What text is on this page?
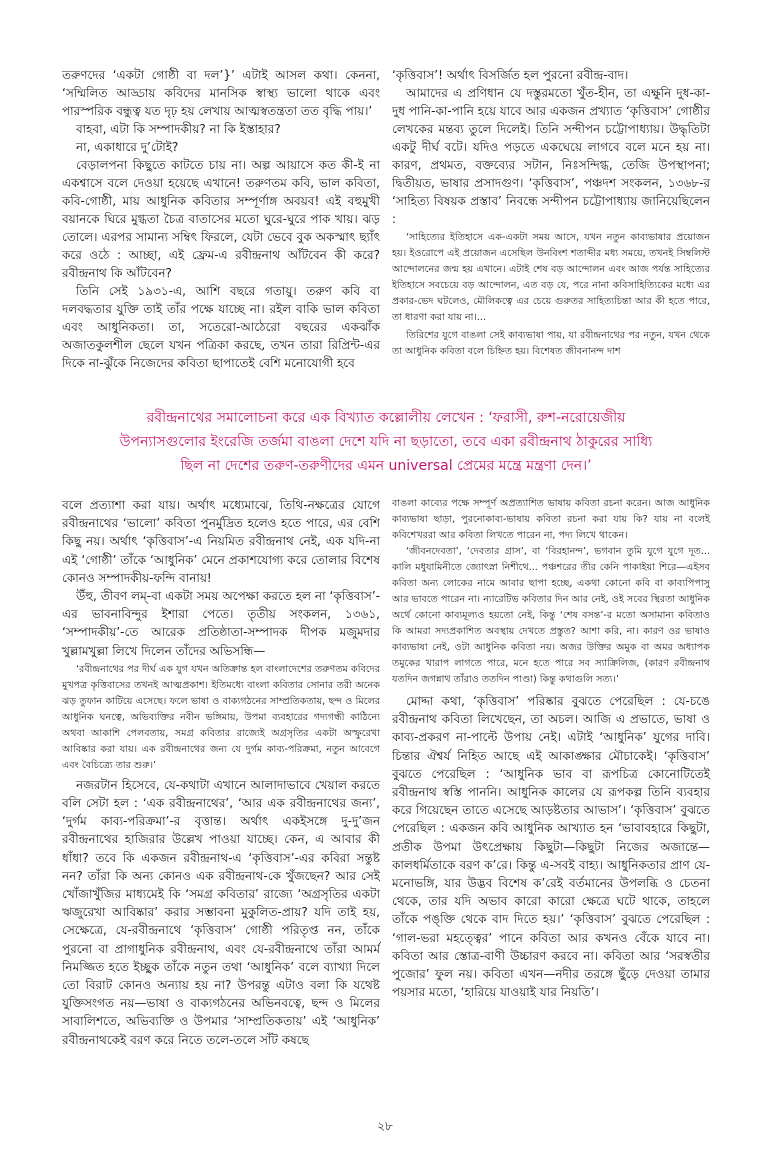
তরুণদের ‘একটা গোষ্ঠী বা দল’}’ এটাই আসল কথা। কেননা, ‘সম্মিলিত আড্ডায় কবিদের মানসিক স্বাস্থ্য ভালো থাকে এবং পারস্পরিক বন্ধুত্ব যত দৃঢ় হয় লেখায় আত্মস্বতন্ত্রতা তত বৃদ্ধি পায়।’

বাহবা, এটা কি সম্পাদকীয়? না কি ইস্তাহার?

না, একাধারে দু’টোই?

বেড়ালপনা কিছুতে কাটতে চায় না। অল্প আয়াসে কত কী-ই না একশ্বাসে বলে দেওয়া হয়েছে এখানে! তরুণতম কবি, ভাল কবিতা, কবি-গোষ্ঠী, মায় আধুনিক কবিতার সম্পূর্ণাঙ্গ অবয়ব! এই বহুমুখী বয়ানকে ঘিরে মুগ্ধতা চৈত্র বাতাসের মতো ঘুরে-ঘুরে পাক খায়। ঝড় তোলে। এরপর সামান্য সম্বিৎ ফিরলে, যেটা ভেবে বুক অকস্মাৎ ছ্যাঁৎ করে ওঠে : আচ্ছা, এই ফ্রেম-এ রবীন্দ্রনাথ আঁটবেন কী করে? রবীন্দ্রনাথ কি আঁটবেন?

তিনি সেই ১৯৩১-এ, আশি বছরে গতায়ু। তরুণ কবি বা দলবদ্ধতার যুক্তি তাই তাঁর পক্ষে যাচ্ছে না। রইল বাকি ভাল কবিতা এবং আধুনিকতা। তা, সতেরো-আঠেরো বছরের একঝাঁক অজাতকুলশীল ছেলে যখন পত্রিকা করছে, তখন তারা রিপ্রিন্ট-এর দিকে না-ঝুঁকে নিজেদের কবিতা ছাপাতেই বেশি মনোযোগী হবে

‘কৃত্তিবাস’! অর্থাৎ বিসর্জিত হল পুরনো রবীন্দ্র-বাদ।

আমাদের এ প্রণিধান যে দস্তুরমতো খুঁত-হীন, তা এক্ষুনি দুধ-কা-দুধ পানি-কা-পানি হয়ে যাবে আর একজন প্রখ্যাত ‘কৃত্তিবাস’ গোষ্ঠীর লেখকের মন্তব্য তুলে দিলেই। তিনি সন্দীপন চট্টোপাধ্যায়। উদ্ধৃতিটা একটু দীর্ঘ বটে। যদিও পড়তে একঘেয়ে লাগবে বলে মনে হয় না। কারণ, প্রথমত, বক্তব্যের সটান, নিঃসন্দিগ্ধ, তেজি উপস্থাপনা; দ্বিতীয়ত, ভাষার প্রসাদগুণ। ‘কৃত্তিবাস’, পঞ্চদশ সংকলন, ১৩৬৮-র ‘সাহিত্য বিষয়ক প্রস্তাব’ নিবন্ধে সন্দীপন চট্টোপাধ্যায় জানিয়েছিলেন :

‘সাহিত্যের ইতিহাসে এক-একটা সময় আসে, যখন নতুন কাব্যভাষার প্রয়োজন হয়। ইওরোপে এই প্রয়োজন এসেছিল উনবিংশ শতাব্দীর মধ্য সময়ে, তখনই সিম্বলিস্ট আন্দোলনের জন্ম হয় এখানে। এটাই শেষ বড় আন্দোলন এবং আজ পর্যন্ত সাহিত্যের ইতিহাসে সবচেয়ে বড় আন্দোলন, এত বড় যে, পরে নানা কবিসাহিত্যিকের মধ্যে এর প্রকার-ভেদ ঘটলেও, মৌলিকত্বে এর চেয়ে গুরুতর সাহিত্যচিন্তা আর কী হতে পারে, তা ধারণা করা যায় না।...

তিরিশের যুগে বাঙলা সেই কাব্যভাষা পায়, যা রবীন্দ্রনাথের পর নতুন, যখন থেকে তা আধুনিক কবিতা বলে চিহ্নিত হয়। বিশেষত জীবনানন্দ দাশ

রবীন্দ্রনাথের সমালোচনা করে এক বিখ্যাত কল্লোলীয় লেখেন : ‘ফরাসী, রুশ-নরোয়েজীয়

উপন্যাসগুলোর ইংরেজি তর্জমা বাঙলা দেশে যদি না ছড়াতো, তবে একা রবীন্দ্রনাথ ঠাকুরের সাধ্যি

ছিল না দেশের তরুণ-তরুণীদের এমন universal প্রেমের মন্ত্রে মন্ত্রণা দেন।’

বলে প্রত্যাশা করা যায়। অর্থাৎ মধ্যেমাঝে, তিথি-নক্ষত্রের যোগে রবীন্দ্রনাথের ‘ভালো’ কবিতা পুনর্মুদ্রিত হলেও হতে পারে, এর বেশি কিছু নয়। অর্থাৎ ‘কৃত্তিবাস’-এ নিয়মিত রবীন্দ্রনাথ নেই, এক যদি-না এই ‘গোষ্ঠী’ তাঁকে ‘আধুনিক’ মেনে প্রকাশযোগ্য করে তোলার বিশেষ কোনও সম্পাদকীয়-ফন্দি বানায়!

উঁহু, তীবণ লম্-বা একটা সময় অপেক্ষা করতে হল না ‘কৃত্তিবাস’-এর ভাবনাবিন্দুর ইশারা পেতে। তৃতীয় সংকলন, ১৩৬১, ‘সম্পাদকীয়’-তে আরেক প্রতিষ্ঠাতা-সম্পাদক দীপক মজুমদার খুল্লামখুল্লা লিখে দিলেন তাঁদের অভিসন্ধি—

‘রবীন্দ্রনাথের পর দীর্ঘ এক যুগ যখন অতিক্রান্ত হল বাংলাদেশের তরুণতম কবিদের মুখপত্র কৃত্তিবাসের তখনই আত্মপ্রকাশ। ইতিমধ্যে বাংলা কবিতার সোনার তরী অনেক ঝড় তুফান কাটিয়ে এসেছে। ফলে ভাষা ও বাক্যগঠনের সাম্প্রতিকতায়, ছন্দ ও মিলের আধুনিক ঘনত্বে, অভিব্যক্তির নবীন ভঙ্গিমায়, উপমা ব্যবহারের গদ্যগন্ধী কাঠিন্যে অথবা আকাশি পেলবতায়, সমগ্র কবিতার রাজ্যেই অগ্রসৃতির একটা অস্ফুরেখা আবিষ্কার করা যায়। এক রবীন্দ্রনাথের জন্য যে দুর্গম কাব্য-পরিক্রমা, নতুন আবেগে এবং বৈচিত্র্যে তার শুরু।’

নজরটান হিসেবে, যে-কথাটা এখানে আলাদাভাবে খেয়াল করতে বলি সেটা হল : ‘এক রবীন্দ্রনাথের’, ‘আর এক রবীন্দ্রনাথের জন্য’, ‘দুর্গম কাব্য-পরিক্রমা’-র বৃত্তান্ত। অর্থাৎ একইসঙ্গে দু-দু’জন রবীন্দ্রনাথের হাজিরার উল্লেখ পাওয়া যাচ্ছে। কেন, এ আবার কী ধাঁধা? তবে কি একজন রবীন্দ্রনাথ-এ ‘কৃত্তিবাস’-এর কবিরা সন্তুষ্ট নন? তাঁরা কি অন্য কোনও এক রবীন্দ্রনাথ-কে খুঁজছেন? আর সেই খোঁজাখুঁজির মাধ্যমেই কি ‘সমগ্র কবিতার’ রাজ্যে ‘অগ্রসৃতির একটা ঋজুরেখা আবিষ্কার’ করার সম্ভাবনা মুকুলিত-প্রায়? যদি তাই হয়, সেক্ষেত্রে, যে-রবীন্দ্রনাথে ‘কৃত্তিবাস’ গোষ্ঠী পরিতৃপ্ত নন, তাঁকে পুরনো বা প্রাগাধুনিক রবীন্দ্রনাথ, এবং যে-রবীন্দ্রনাথে তাঁরা আমর্ম নিমজ্জিত হতে ইচ্ছুক তাঁকে নতুন তথা ‘আধুনিক’ বলে ব্যাখ্যা দিলে তো বিরাট কোনও অন্যায় হয় না? উপরন্তু এটাও বলা কি যথেষ্ট যুক্তিসংগত নয়—ভাষা ও বাক্যগঠনের অভিনবত্বে, ছন্দ ও মিলের সাবালিশতে, অভিব্যক্তি ও উপমার ‘সাম্প্রতিকতায়’ এই ‘আধুনিক’ রবীন্দ্রনাথকেই বরণ করে নিতে তলে-তলে সাঁট কষছে

বাঙলা কাব্যের পক্ষে সম্পূর্ণ অপ্রত্যাশিত ভাষায় কবিতা রচনা করেন। আজ আধুনিক কাব্যভাষা ছাড়া, পুরনোকাব্য-ভাষায় কবিতা রচনা করা যায় কি? যায় না বলেই কবিশেখররা আর কবিতা লিখতে পারেন না, পদ্য লিখে থাকেন।

‘জীবনদেবতা’, ‘দেবতার গ্রাস’, বা ‘বিরহানন্দ’, ভগবান তুমি যুগে যুগে দূত... কালি মধুযামিনীতে জ্যোৎস্না নিশীথে... পঞ্চশরের তীর কেনি পাকাইয়া শিরে—এইসব কবিতা অন্য লোকের নামে আবার ছাপা হচ্ছে, একথা কোনো কবি বা কাব্যপিপাসু আর ভাবতে পারেন না। ন্যারেটিভ কবিতার দিন আর নেই, ওই সবের স্থিরতা আধুনিক অর্থে কোনো কাব্যমূল্যও হয়তো নেই, কিন্তু ‘শেষ বসন্ত’-র মতো অসামান্য কবিতাও কি আমরা সদ্যপ্রকাশিত অবস্থায় দেখতে প্রস্তুত? আশা করি, না। কারণ ওর ভাষাও কাব্যভাষা নেই, ওটা আধুনিক কবিতা নয়। অজর উক্তির অমুক বা অমর অধ্যাপক তমুকের খারাপ লাগতে পারে, মনে হতে পারে সব স্যাক্রিলিজ, (কারণ রবীন্দ্রনাথ যতদিন জগন্নাথ তাঁরাও ততদিন পাণ্ডা) কিন্তু কথাগুলি সত্য।’

মোদ্দা কথা, ‘কৃত্তিবাস’ পরিষ্কার বুঝতে পেরেছিল : যে-চঙে রবীন্দ্রনাথ কবিতা লিখেছেন, তা অচল। আজি এ প্রভাতে, ভাষা ও কাব্য-প্রকরণ না-পাল্টে উপায় নেই। এটাই ‘আধুনিক’ যুগের দাবি। চিন্তার ঐশ্বর্য নিহিত আছে এই আকাঙ্ক্ষার মৌচাকেই। ‘কৃত্তিবাস’ বুঝতে পেরেছিল : ‘আধুনিক ভাব বা রূপচিত্র কোনোটিতেই রবীন্দ্রনাথ স্বস্তি পাননি। আধুনিক কালের যে রূপকল্প তিনি ব্যবহার করে গিয়েছেন তাতে এসেছে আড়ষ্টতার আভাস’। ‘কৃত্তিবাস’ বুঝতে পেরেছিল : একজন কবি আধুনিক আখ্যাত হন ‘ভাবাবহারে কিছুটা, প্রতীক উপমা উৎপ্রেক্ষায় কিছুটা—কিছুটা নিজের অজান্তে—কালধর্মিতাকে বরণ ক’রে। কিন্তু এ-সবই বাহ্য। আধুনিকতার প্রাণ যে-মনোভঙ্গি, যার উদ্ভব বিশেষ ক’রেই বর্তমানের উপলব্ধি ও চেতনা থেকে, তার যদি অভাব কারো কারো ক্ষেত্রে ঘটে থাকে, তাহলে তাঁকে পঙ্‌ক্তি থেকে বাদ দিতে হয়।’ ‘কৃত্তিবাস’ বুঝতে পেরেছিল : ‘গাল-ভরা মহত্ত্বের’ পানে কবিতা আর কখনও বেঁকে যাবে না। কবিতা আর স্তোত্র-বাণী উচ্চারণ করবে না। কবিতা আর ‘সরস্বতীর পুজোর’ ফুল নয়। কবিতা এখন—নদীর তরঙ্গে ছুঁড়ে দেওয়া তামার পয়সার মতো, ‘হারিয়ে যাওয়াই যার নিয়তি’।

২৮
